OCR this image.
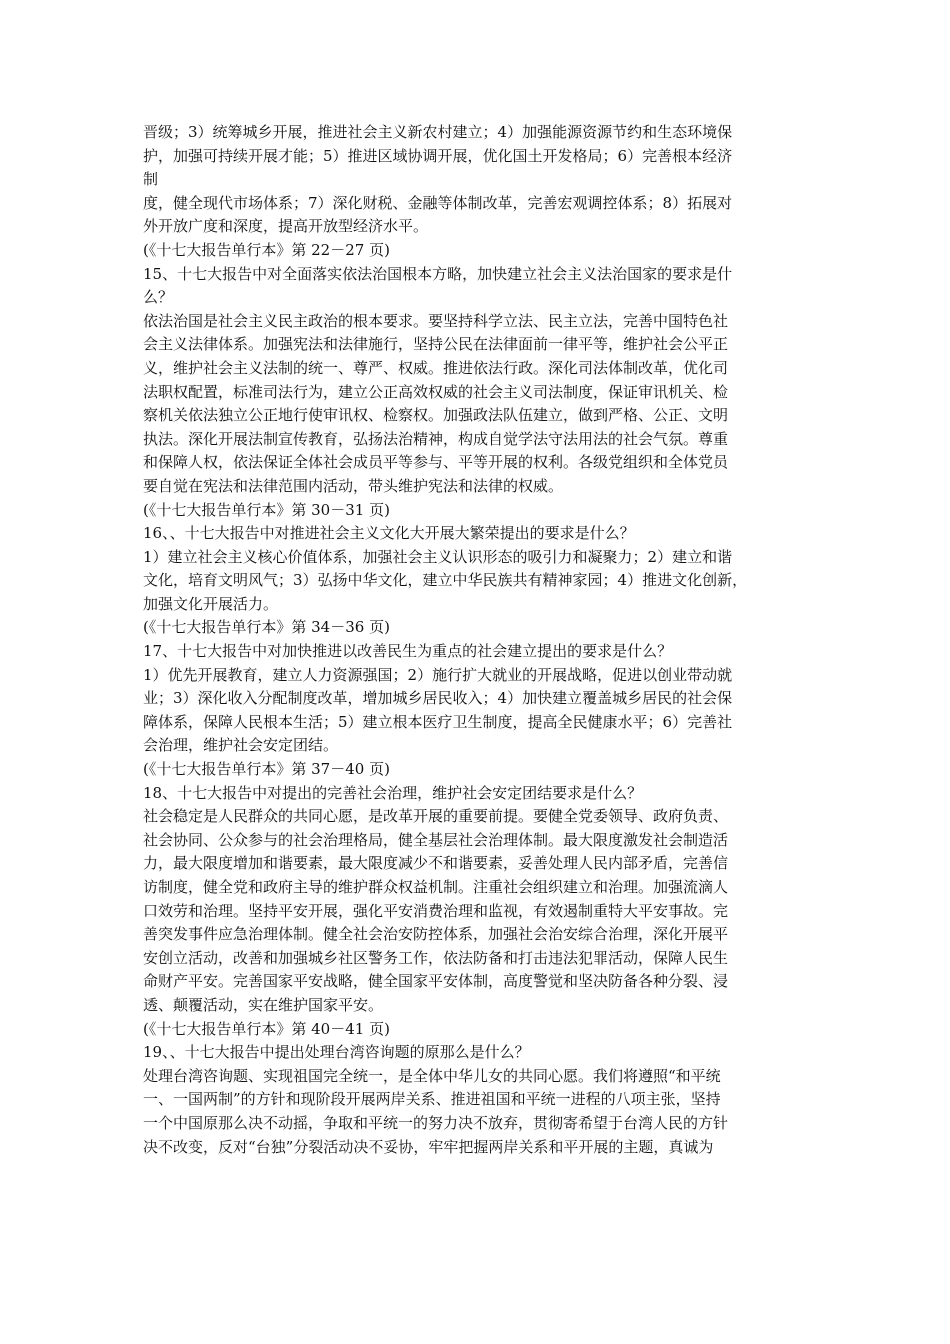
晋级；3）统筹城乡开展，推进社会主义新农村建立；4）加强能源资源节约和生态环境保
护，加强可持续开展才能；5）推进区域协调开展，优化国土开发格局；6）完善根本经济
制
度，健全现代市场体系；7）深化财税、金融等体制改革，完善宏观调控体系；8）拓展对
外开放广度和深度，提高开放型经济水平。
(《十七大报告单行本》第 22－27 页)
15、十七大报告中对全面落实依法治国根本方略，加快建立社会主义法治国家的要求是什
么？
依法治国是社会主义民主政治的根本要求。要坚持科学立法、民主立法，完善中国特色社
会主义法律体系。加强宪法和法律施行，坚持公民在法律面前一律平等，维护社会公平正
义，维护社会主义法制的统一、尊严、权威。推进依法行政。深化司法体制改革，优化司
法职权配置，标准司法行为，建立公正高效权威的社会主义司法制度，保证审讯机关、检
察机关依法独立公正地行使审讯权、检察权。加强政法队伍建立，做到严格、公正、文明
执法。深化开展法制宣传教育，弘扬法治精神，构成自觉学法守法用法的社会气氛。尊重
和保障人权，依法保证全体社会成员平等参与、平等开展的权利。各级党组织和全体党员
要自觉在宪法和法律范围内活动，带头维护宪法和法律的权威。
(《十七大报告单行本》第 30－31 页)
16、、十七大报告中对推进社会主义文化大开展大繁荣提出的要求是什么？
1）建立社会主义核心价值体系，加强社会主义认识形态的吸引力和凝聚力；2）建立和谐
文化，培育文明风气；3）弘扬中华文化，建立中华民族共有精神家园；4）推进文化创新，
加强文化开展活力。
(《十七大报告单行本》第 34－36 页)
17、十七大报告中对加快推进以改善民生为重点的社会建立提出的要求是什么？
1）优先开展教育，建立人力资源强国；2）施行扩大就业的开展战略，促进以创业带动就
业；3）深化收入分配制度改革，增加城乡居民收入；4）加快建立覆盖城乡居民的社会保
障体系，保障人民根本生活；5）建立根本医疗卫生制度，提高全民健康水平；6）完善社
会治理，维护社会安定团结。
(《十七大报告单行本》第 37－40 页)
18、十七大报告中对提出的完善社会治理，维护社会安定团结要求是什么？
社会稳定是人民群众的共同心愿，是改革开展的重要前提。要健全党委领导、政府负责、
社会协同、公众参与的社会治理格局，健全基层社会治理体制。最大限度激发社会制造活
力，最大限度增加和谐要素，最大限度减少不和谐要素，妥善处理人民内部矛盾，完善信
访制度，健全党和政府主导的维护群众权益机制。注重社会组织建立和治理。加强流滴人
口效劳和治理。坚持平安开展，强化平安消费治理和监视，有效遏制重特大平安事故。完
善突发事件应急治理体制。健全社会治安防控体系，加强社会治安综合治理，深化开展平
安创立活动，改善和加强城乡社区警务工作，依法防备和打击违法犯罪活动，保障人民生
命财产平安。完善国家平安战略，健全国家平安体制，高度警觉和坚决防备各种分裂、浸
透、颠覆活动，实在维护国家平安。
(《十七大报告单行本》第 40－41 页)
19、、十七大报告中提出处理台湾咨询题的原那么是什么？
处理台湾咨询题、实现祖国完全统一，是全体中华儿女的共同心愿。我们将遵照“和平统
一、一国两制”的方针和现阶段开展两岸关系、推进祖国和平统一进程的八项主张，坚持
一个中国原那么决不动摇，争取和平统一的努力决不放弃，贯彻寄希望于台湾人民的方针
决不改变，反对“台独”分裂活动决不妥协，牢牢把握两岸关系和平开展的主题，真诚为
